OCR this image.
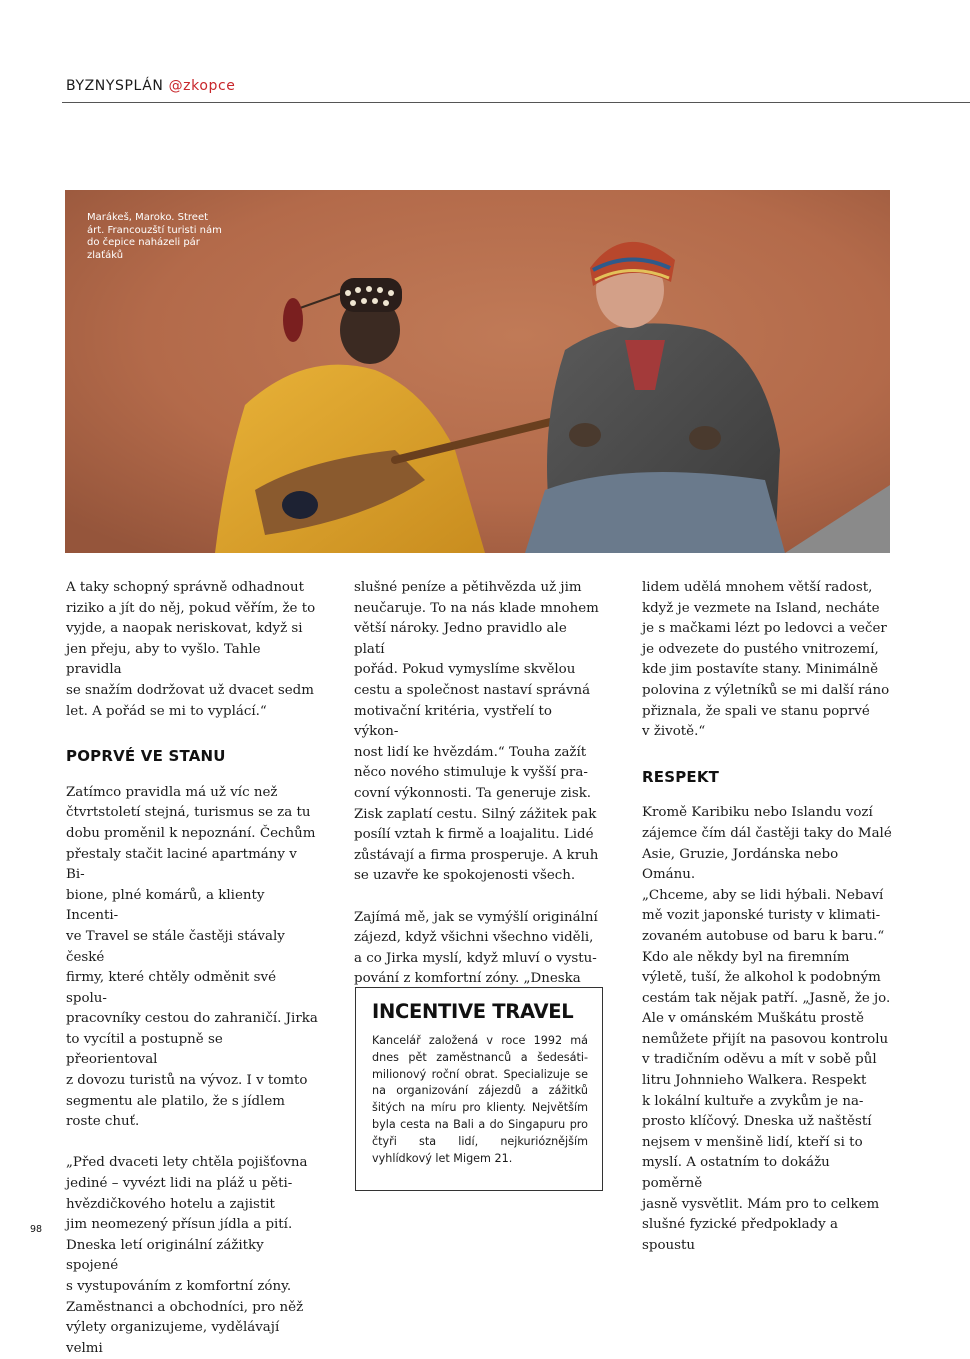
BYZNYSPLÁN @zkopce
Marákeš, Maroko. Street
árt. Francouzští turisti nám
do čepice naházeli pár
zlaťáků

A taky schopný správně odhadnout

riziko a jít do něj, pokud věřím, že to

vyjde, a naopak neriskovat, když si

jen přeju, aby to vyšlo. Tahle pravidla

se snažím dodržovat už dvacet sedm

let. A pořád se mi to vyplácí.“

POPRVÉ VE STANU

Zatímco pravidla má už víc než

čtvrtstoletí stejná, turismus se za tu

dobu proměnil k nepoznání. Čechům

přestaly stačit laciné apartmány v Bi-

bione, plné komárů, a klienty Incenti-

ve Travel se stále častěji stávaly české

firmy, které chtěly odměnit své spolu-

pracovníky cestou do zahraničí. Jirka

to vycítil a postupně se přeorientoval

z dovozu turistů na vývoz. I v tomto

segmentu ale platilo, že s jídlem

roste chuť.

„Před dvaceti lety chtěla pojišťovna

jediné – vyvézt lidi na pláž u pěti-

hvězdičkového hotelu a zajistit

jim neomezený přísun jídla a pití.

Dneska letí originální zážitky spojené

s vystupováním z komfortní zóny.

Zaměstnanci a obchodníci, pro něž

výlety organizujeme, vydělávají velmi

slušné peníze a pětihvězda už jim

neučaruje. To na nás klade mnohem

větší nároky. Jedno pravidlo ale platí

pořád. Pokud vymyslíme skvělou

cestu a společnost nastaví správná

motivační kritéria, vystřelí to výkon-

nost lidí ke hvězdám.“ Touha zažít

něco nového stimuluje k vyšší pra-

covní výkonnosti. Ta generuje zisk.

Zisk zaplatí cestu. Silný zážitek pak

posílí vztah k firmě a loajalitu. Lidé

zůstávají a firma prosperuje. A kruh

se uzavře ke spokojenosti všech.

Zajímá mě, jak se vymýšlí originální

zájezd, když všichni všechno viděli,

a co Jirka myslí, když mluví o vystu-

pování z komfortní zóny. „Dneska

INCENTIVE TRAVEL
Kancelář založená v roce 1992 má dnes pět zaměstnanců a šedesátimilionový roční obrat. Specializuje se na organizování zájezdů a zážitků šitých na míru pro klienty. Největším byla cesta na Bali a do Singapuru pro čtyři sta lidí, nejkurióznějším vyhlídkový let Migem 21.

lidem udělá mnohem větší radost,

když je vezmete na Island, necháte

je s mačkami lézt po ledovci a večer

je odvezete do pustého vnitrozemí,

kde jim postavíte stany. Minimálně

polovina z výletníků se mi další ráno

přiznala, že spali ve stanu poprvé

v životě.“

RESPEKT

Kromě Karibiku nebo Islandu vozí

zájemce čím dál častěji taky do Malé

Asie, Gruzie, Jordánska nebo Ománu.

„Chceme, aby se lidi hýbali. Nebaví

mě vozit japonské turisty v klimati-

zovaném autobuse od baru k baru.“

Kdo ale někdy byl na firemním

výletě, tuší, že alkohol k podobným

cestám tak nějak patří. „Jasně, že jo.

Ale v ománském Muškátu prostě

nemůžete přijít na pasovou kontrolu

v tradičním oděvu a mít v sobě půl

litru Johnnieho Walkera. Respekt

k lokální kultuře a zvykům je na-

prosto klíčový. Dneska už naštěstí

nejsem v menšině lidí, kteří si to

myslí. A ostatním to dokážu poměrně

jasně vysvětlit. Mám pro to celkem

slušné fyzické předpoklady a spoustu

98
